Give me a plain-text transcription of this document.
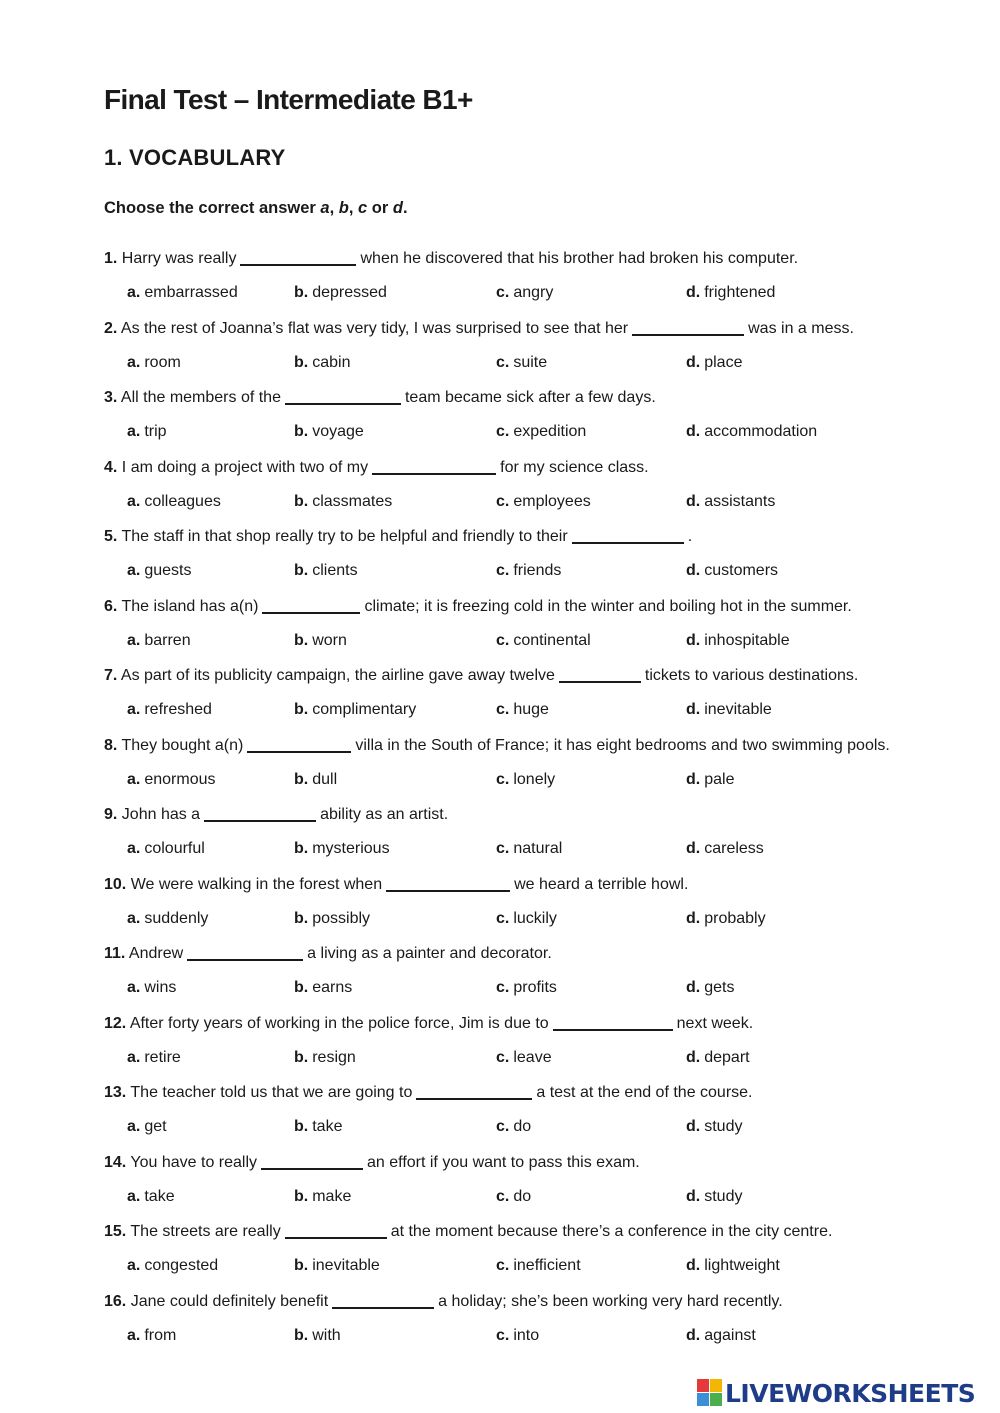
Final Test – Intermediate B1+
1. VOCABULARY

Choose the correct answer a, b, c or d.

1. Harry was really	when he discovered that his brother had broken his computer.
a. embarrassed	b. depressed	c. angry	d. frightened
2. As the rest of Joanna’s flat was very tidy, I was surprised to see that her	was in a mess.
a. room	b. cabin	c. suite	d. place
3. All the members of the	team became sick after a few days.
a. trip	b. voyage	c. expedition	d. accommodation
4. I am doing a project with two of my	for my science class.
a. colleagues	b. classmates	c. employees	d. assistants
5. The staff in that shop really try to be helpful and friendly to their	.
a. guests	b. clients	c. friends	d. customers
6. The island has a(n)	climate; it is freezing cold in the winter and boiling hot in the summer.
a. barren	b. worn	c. continental	d. inhospitable
7. As part of its publicity campaign, the airline gave away twelve	tickets to various destinations.
a. refreshed	b. complimentary	c. huge	d. inevitable
8. They bought a(n)	villa in the South of France; it has eight bedrooms and two swimming pools.
a. enormous	b. dull	c. lonely	d. pale
9. John has a	ability as an artist.
a. colourful	b. mysterious	c. natural	d. careless
10. We were walking in the forest when	we heard a terrible howl.
a. suddenly	b. possibly	c. luckily	d. probably
11. Andrew	a living as a painter and decorator.
a. wins	b. earns	c. profits	d. gets
12. After forty years of working in the police force, Jim is due to	next week.
a. retire	b. resign	c. leave	d. depart
13. The teacher told us that we are going to	a test at the end of the course.
a. get	b. take	c. do	d. study
14. You have to really	an effort if you want to pass this exam.
a. take	b. make	c. do	d. study
15. The streets are really	at the moment because there’s a conference in the city centre.
a. congested	b. inevitable	c. inefficient	d. lightweight
16. Jane could definitely benefit	a holiday; she’s been working very hard recently.
a. from	b. with	c. into	d. against
LIVEWORKSHEETS
